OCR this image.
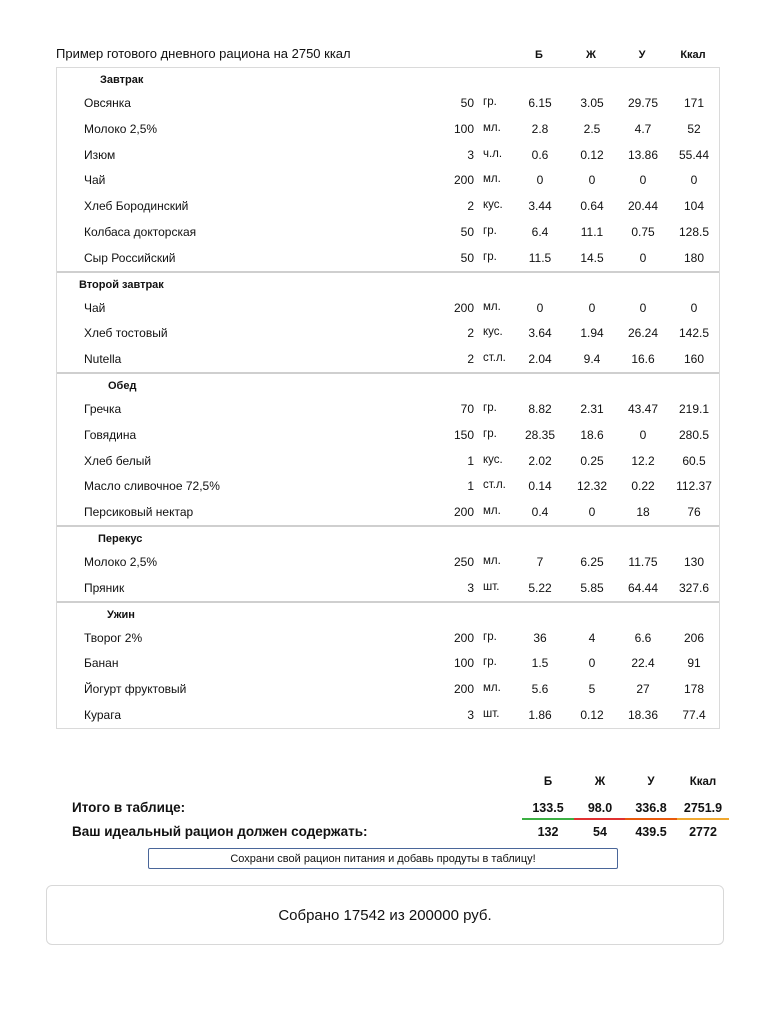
Пример готового дневного рациона на 2750 ккал	Б	Ж	У	Ккал
Завтрак
Овсянка	50 гр.	6.15	3.05	29.75	171
Молоко 2,5%	100 мл.	2.8	2.5	4.7	52
Изюм	3 ч.л.	0.6	0.12	13.86	55.44
Чай	200 мл.	0	0	0	0
Хлеб Бородинский	2 кус.	3.44	0.64	20.44	104
Колбаса докторская	50 гр.	6.4	11.1	0.75	128.5
Сыр Российский	50 гр.	11.5	14.5	0	180
Второй завтрак
Чай	200 мл.	0	0	0	0
Хлеб тостовый	2 кус.	3.64	1.94	26.24	142.5
Nutella	2 ст.л.	2.04	9.4	16.6	160
Обед
Гречка	70 гр.	8.82	2.31	43.47	219.1
Говядина	150 гр.	28.35	18.6	0	280.5
Хлеб белый	1 кус.	2.02	0.25	12.2	60.5
Масло сливочное 72,5%	1 ст.л.	0.14	12.32	0.22	112.37
Персиковый нектар	200 мл.	0.4	0	18	76
Перекус
Молоко 2,5%	250 мл.	7	6.25	11.75	130
Пряник	3 шт.	5.22	5.85	64.44	327.6
Ужин
Творог 2%	200 гр.	36	4	6.6	206
Банан	100 гр.	1.5	0	22.4	91
Йогурт фруктовый	200 мл.	5.6	5	27	178
Курага	3 шт.	1.86	0.12	18.36	77.4
Б	Ж	У	Ккал
Итого в таблице:	133.5	98.0	336.8	2751.9
Ваш идеальный рацион должен содержать:	132	54	439.5	2772
Сохрани свой рацион питания и добавь продуты в таблицу!
Собрано 17542 из 200000 руб.
